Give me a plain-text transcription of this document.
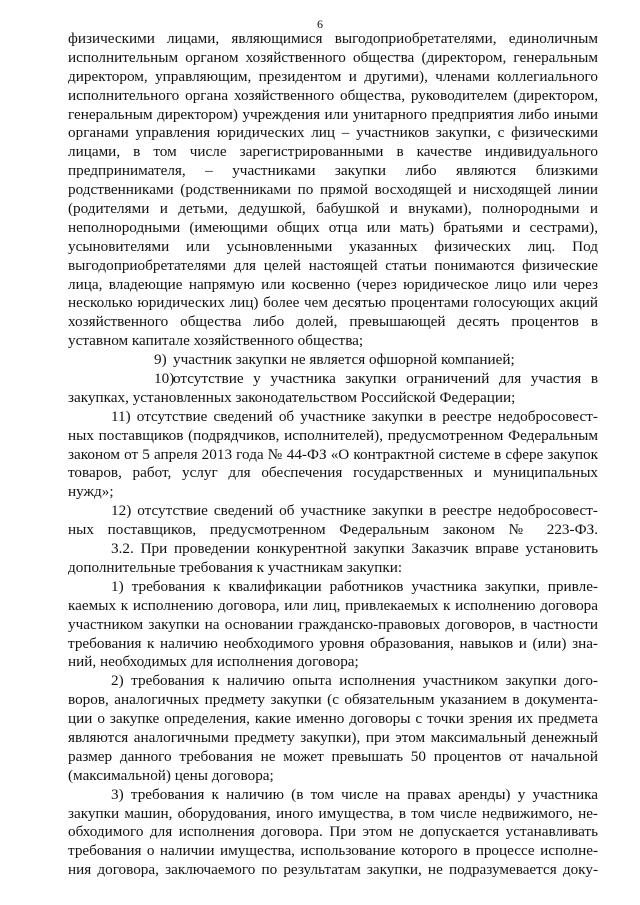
6
физическими лицами, являющимися выгодоприобретателями, единоличным
исполнительным органом хозяйственного общества (директором, генеральным
директором, управляющим, президентом и другими), членами коллегиального
исполнительного органа хозяйственного общества, руководителем (директором,
генеральным директором) учреждения или унитарного предприятия либо иными
органами управления юридических лиц – участников закупки, с физическими
лицами, в том числе зарегистрированными в качестве индивидуального
предпринимателя, – участниками закупки либо являются близкими
родственниками (родственниками по прямой восходящей и нисходящей линии
(родителями и детьми, дедушкой, бабушкой и внуками), полнородными и
неполнородными (имеющими общих отца или мать) братьями и сестрами),
усыновителями или усыновленными указанных физических лиц. Под
выгодоприобретателями для целей настоящей статьи понимаются физические
лица, владеющие напрямую или косвенно (через юридическое лицо или через
несколько юридических лиц) более чем десятью процентами голосующих акций
хозяйственного общества либо долей, превышающей десять процентов в
уставном капитале хозяйственного общества;
9) участник закупки не является офшорной компанией;
10)отсутствие у участника закупки ограничений для участия в
закупках, установленных законодательством Российской Федерации;
11) отсутствие сведений об участнике закупки в реестре недобросовест-
ных поставщиков (подрядчиков, исполнителей), предусмотренном Федеральным
законом от 5 апреля 2013 года № 44-ФЗ «О контрактной системе в сфере закупок
товаров, работ, услуг для обеспечения государственных и муниципальных
нужд»;
12) отсутствие сведений об участнике закупки в реестре недобросовест-
ных поставщиков, предусмотренном Федеральным законом № 223-ФЗ.
3.2. При проведении конкурентной закупки Заказчик вправе установить
дополнительные требования к участникам закупки:
1) требования к квалификации работников участника закупки, привле-
каемых к исполнению договора, или лиц, привлекаемых к исполнению договора
участником закупки на основании гражданско-правовых договоров, в частности
требования к наличию необходимого уровня образования, навыков и (или) зна-
ний, необходимых для исполнения договора;
2) требования к наличию опыта исполнения участником закупки дого-
воров, аналогичных предмету закупки (с обязательным указанием в документа-
ции о закупке определения, какие именно договоры с точки зрения их предмета
являются аналогичными предмету закупки), при этом максимальный денежный
размер данного требования не может превышать 50 процентов от начальной
(максимальной) цены договора;
3) требования к наличию (в том числе на правах аренды) у участника
закупки машин, оборудования, иного имущества, в том числе недвижимого, не-
обходимого для исполнения договора. При этом не допускается устанавливать
требования о наличии имущества, использование которого в процессе исполне-
ния договора, заключаемого по результатам закупки, не подразумевается доку-
